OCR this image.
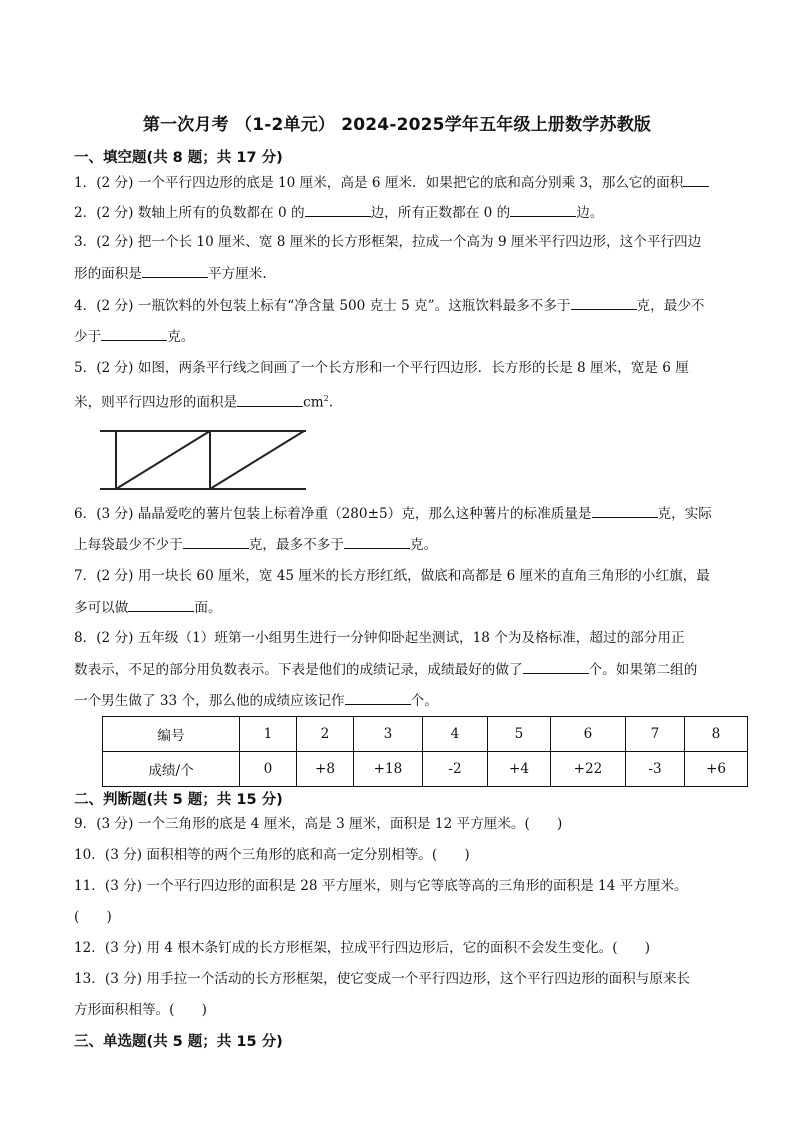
第一次月考 （1-2单元） 2024-2025学年五年级上册数学苏教版
一、填空题(共 8 题；共 17 分)
1．(2 分) 一个平行四边形的底是 10 厘米，高是 6 厘米．如果把它的底和高分别乘 3，那么它的面积
2．(2 分) 数轴上所有的负数都在 0 的	边，所有正数都在 0 的	边。
3．(2 分) 把一个长 10 厘米、宽 8 厘米的长方形框架，拉成一个高为 9 厘米平行四边形，这个平行四边
形的面积是	平方厘米.
4．(2 分) 一瓶饮料的外包装上标有“净含量 500 克士 5 克”。这瓶饮料最多不多于	克，最少不
少于	克。
5．(2 分) 如图，两条平行线之间画了一个长方形和一个平行四边形．长方形的长是 8 厘米，宽是 6 厘
米，则平行四边形的面积是	$cm^2$.
6．(3 分) 晶晶爱吃的薯片包装上标着净重（280±5）克，那么这种薯片的标准质量是	克，实际
上每袋最少不少于	克，最多不多于	克。
7．(2 分) 用一块长 60 厘米，宽 45 厘米的长方形红纸，做底和高都是 6 厘米的直角三角形的小红旗，最
多可以做	面。
8．(2 分) 五年级（1）班第一小组男生进行一分钟仰卧起坐测试，18 个为及格标准，超过的部分用正
数表示，不足的部分用负数表示。下表是他们的成绩记录，成绩最好的做了	个。如果第二组的
一个男生做了 33 个，那么他的成绩应该记作	个。
编号	1	2	3	4	5	6	7	8
成绩/个	0	+8	+18	-2	+4	+22	-3	+6
二、判断题(共 5 题；共 15 分)
9．(3 分) 一个三角形的底是 4 厘米，高是 3 厘米，面积是 12 平方厘米。(　　)
10．(3 分) 面积相等的两个三角形的底和高一定分别相等。(　　)
11．(3 分) 一个平行四边形的面积是 28 平方厘米，则与它等底等高的三角形的面积是 14 平方厘米。
(　　)
12．(3 分) 用 4 根木条钉成的长方形框架，拉成平行四边形后，它的面积不会发生变化。(　　)
13．(3 分) 用手拉一个活动的长方形框架，使它变成一个平行四边形，这个平行四边形的面积与原来长
方形面积相等。(　　)
三、单选题(共 5 题；共 15 分)
